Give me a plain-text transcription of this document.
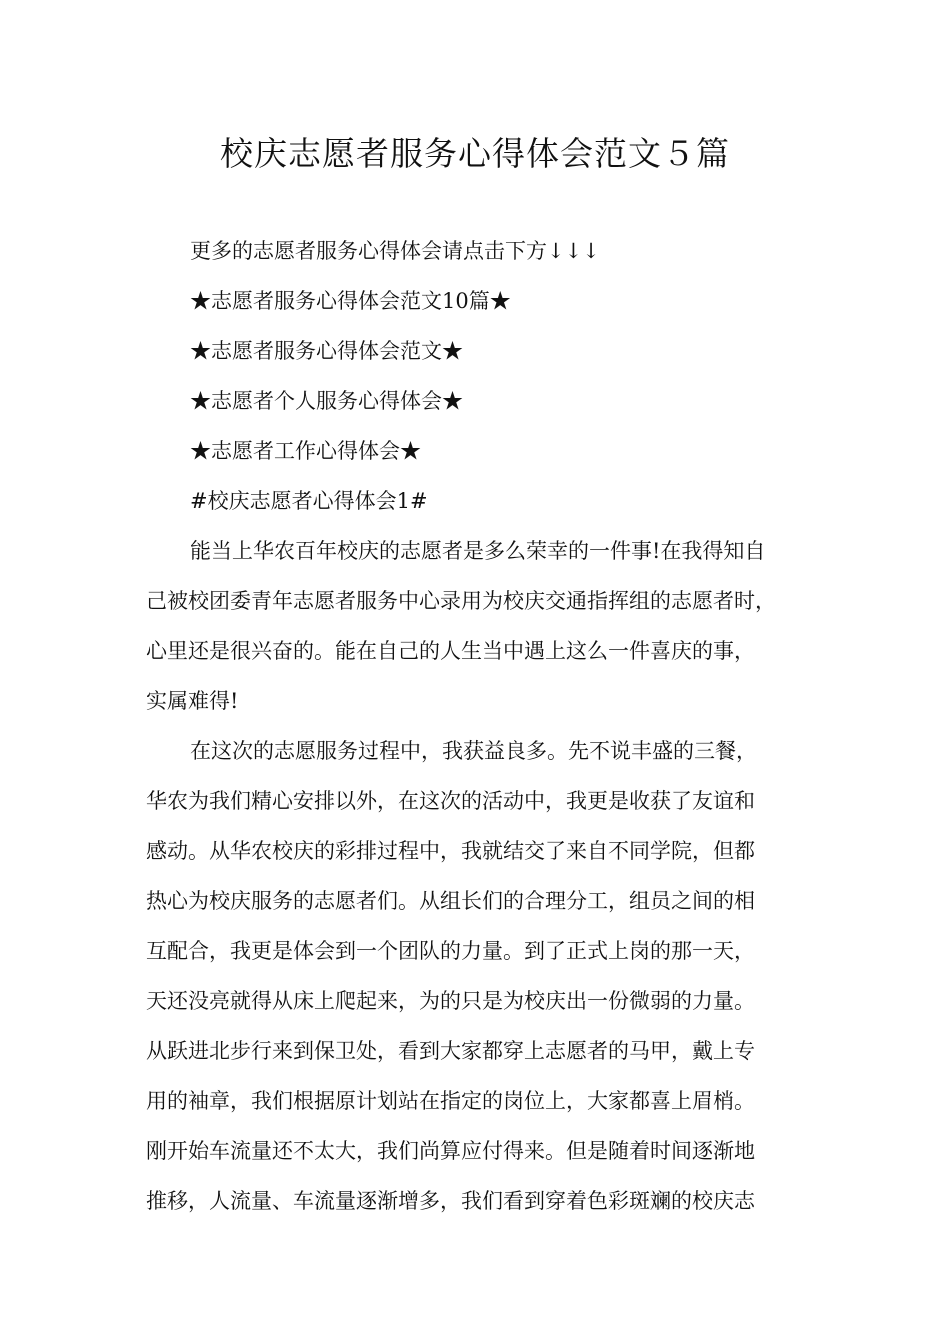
校庆志愿者服务心得体会范文５篇
更多的志愿者服务心得体会请点击下方↓↓↓
★志愿者服务心得体会范文10篇★
★志愿者服务心得体会范文★
★志愿者个人服务心得体会★
★志愿者工作心得体会★
#校庆志愿者心得体会1#

能当上华农百年校庆的志愿者是多么荣幸的一件事!在我得知自
己被校团委青年志愿者服务中心录用为校庆交通指挥组的志愿者时，
心里还是很兴奋的。能在自己的人生当中遇上这么一件喜庆的事，
实属难得!

在这次的志愿服务过程中，我获益良多。先不说丰盛的三餐，
华农为我们精心安排以外，在这次的活动中，我更是收获了友谊和
感动。从华农校庆的彩排过程中，我就结交了来自不同学院，但都
热心为校庆服务的志愿者们。从组长们的合理分工，组员之间的相
互配合，我更是体会到一个团队的力量。到了正式上岗的那一天，
天还没亮就得从床上爬起来，为的只是为校庆出一份微弱的力量。
从跃进北步行来到保卫处，看到大家都穿上志愿者的马甲，戴上专
用的袖章，我们根据原计划站在指定的岗位上，大家都喜上眉梢。
刚开始车流量还不太大，我们尚算应付得来。但是随着时间逐渐地
推移，人流量、车流量逐渐增多，我们看到穿着色彩斑斓的校庆志
